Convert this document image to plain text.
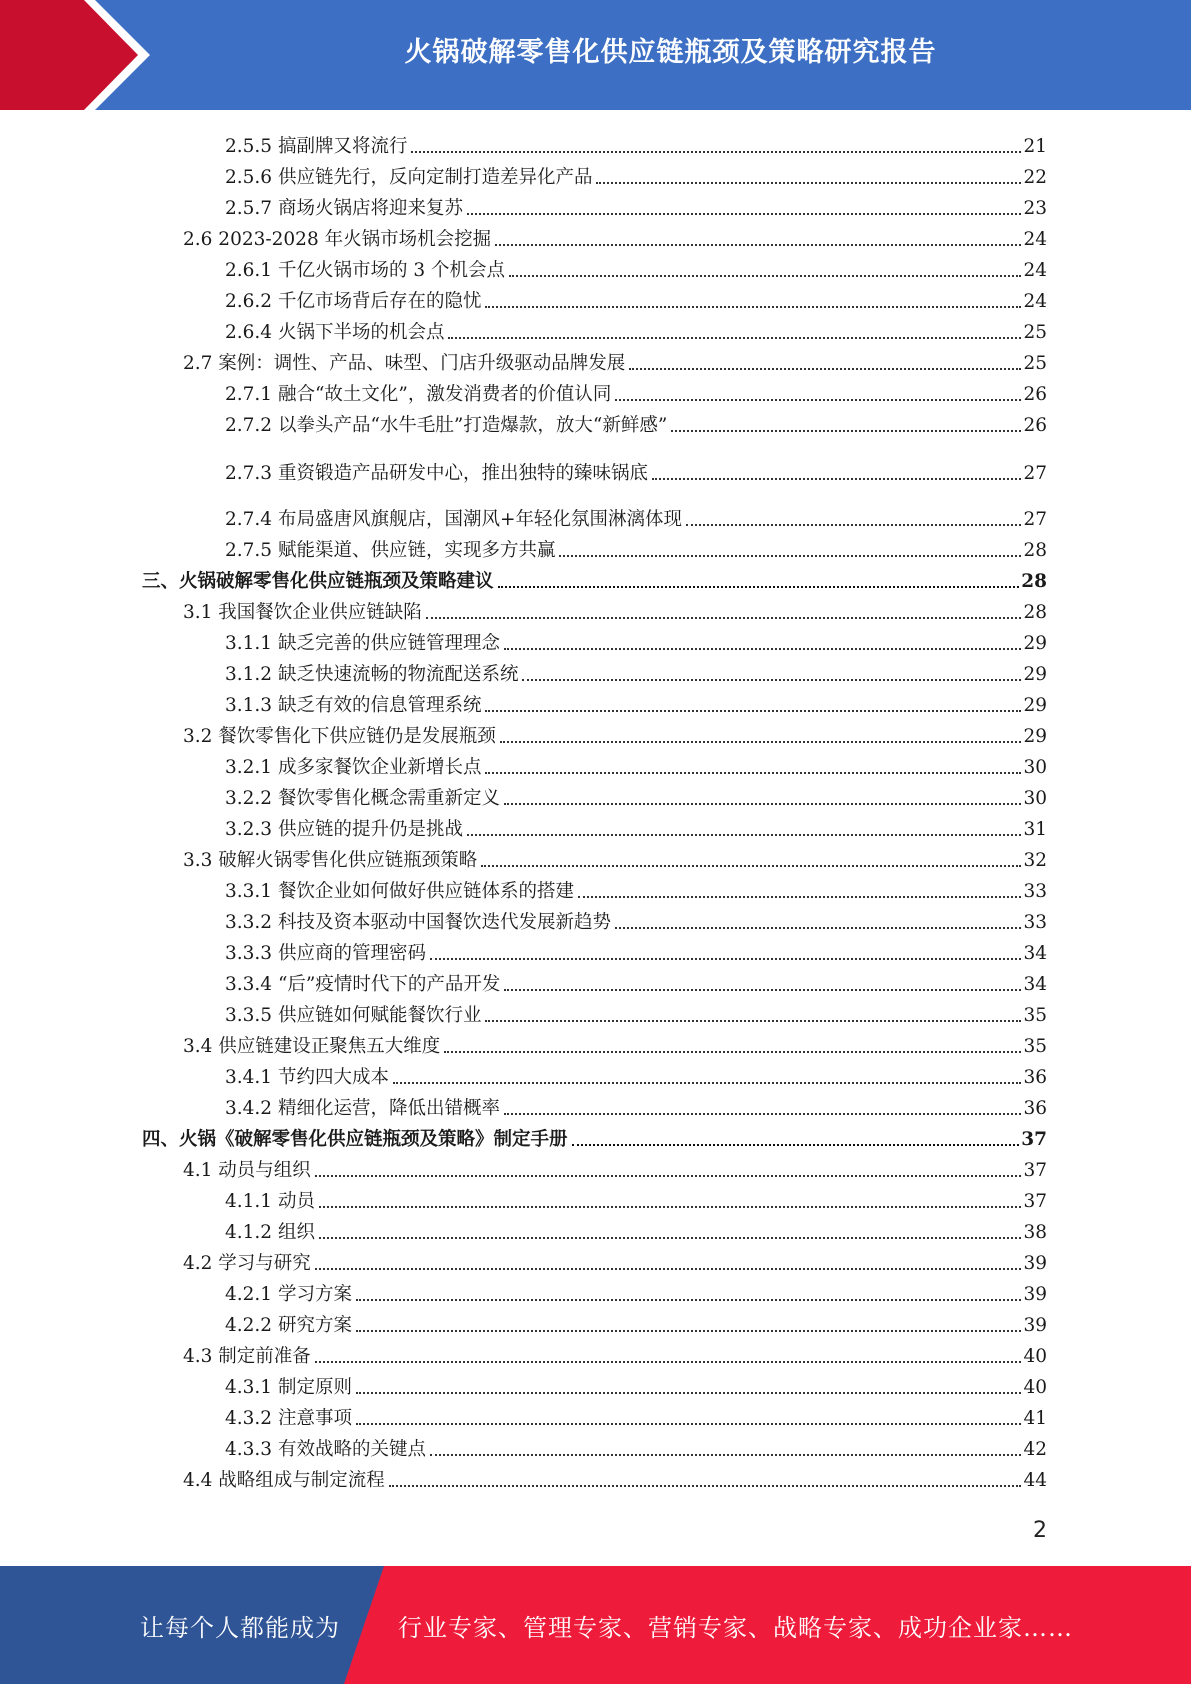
火锅破解零售化供应链瓶颈及策略研究报告
2.5.5 搞副牌又将流行	21
2.5.6 供应链先行，反向定制打造差异化产品	22
2.5.7 商场火锅店将迎来复苏	23
2.6 2023-2028 年火锅市场机会挖掘	24
2.6.1 千亿火锅市场的 3 个机会点	24
2.6.2 千亿市场背后存在的隐忧	24
2.6.4 火锅下半场的机会点	25
2.7 案例：调性、产品、味型、门店升级驱动品牌发展	25
2.7.1 融合“故土文化”，激发消费者的价值认同	26
2.7.2 以拳头产品“水牛毛肚”打造爆款，放大“新鲜感”	26
2.7.3 重资锻造产品研发中心，推出独特的臻味锅底	27
2.7.4 布局盛唐风旗舰店，国潮风+年轻化氛围淋漓体现	27
2.7.5 赋能渠道、供应链，实现多方共赢	28
三、火锅破解零售化供应链瓶颈及策略建议	28
3.1 我国餐饮企业供应链缺陷	28
3.1.1 缺乏完善的供应链管理理念	29
3.1.2 缺乏快速流畅的物流配送系统	29
3.1.3 缺乏有效的信息管理系统	29
3.2 餐饮零售化下供应链仍是发展瓶颈	29
3.2.1 成多家餐饮企业新增长点	30
3.2.2 餐饮零售化概念需重新定义	30
3.2.3 供应链的提升仍是挑战	31
3.3 破解火锅零售化供应链瓶颈策略	32
3.3.1 餐饮企业如何做好供应链体系的搭建	33
3.3.2 科技及资本驱动中国餐饮迭代发展新趋势	33
3.3.3 供应商的管理密码	34
3.3.4 “后”疫情时代下的产品开发	34
3.3.5 供应链如何赋能餐饮行业	35
3.4 供应链建设正聚焦五大维度	35
3.4.1 节约四大成本	36
3.4.2 精细化运营，降低出错概率	36
四、火锅《破解零售化供应链瓶颈及策略》制定手册	37
4.1 动员与组织	37
4.1.1 动员	37
4.1.2 组织	38
4.2 学习与研究	39
4.2.1 学习方案	39
4.2.2 研究方案	39
4.3 制定前准备	40
4.3.1 制定原则	40
4.3.2 注意事项	41
4.3.3 有效战略的关键点	42
4.4 战略组成与制定流程	44
2
让每个人都能成为 行业专家、管理专家、营销专家、战略专家、成功企业家……
